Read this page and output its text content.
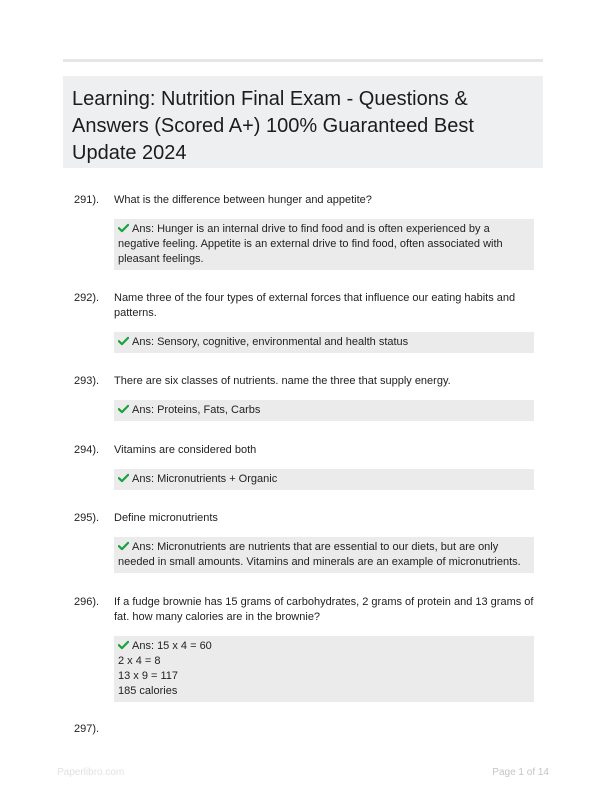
Learning: Nutrition Final Exam - Questions & Answers (Scored A+) 100% Guaranteed Best Update 2024
291).	What is the difference between hunger and appetite?
Ans: Hunger is an internal drive to find food and is often experienced by a negative feeling. Appetite is an external drive to find food, often associated with pleasant feelings.
292).	Name three of the four types of external forces that influence our eating habits and patterns.
Ans: Sensory, cognitive, environmental and health status
293).	There are six classes of nutrients. name the three that supply energy.
Ans: Proteins, Fats, Carbs
294).	Vitamins are considered both
Ans: Micronutrients + Organic
295).	Define micronutrients
Ans: Micronutrients are nutrients that are essential to our diets, but are only needed in small amounts. Vitamins and minerals are an example of micronutrients.
296).	If a fudge brownie has 15 grams of carbohydrates, 2 grams of protein and 13 grams of fat. how many calories are in the brownie?
Ans: 15 x 4 = 60
2 x 4 = 8
13 x 9 = 117
185 calories
297).
Paperlibro.com	Page 1 of 14
